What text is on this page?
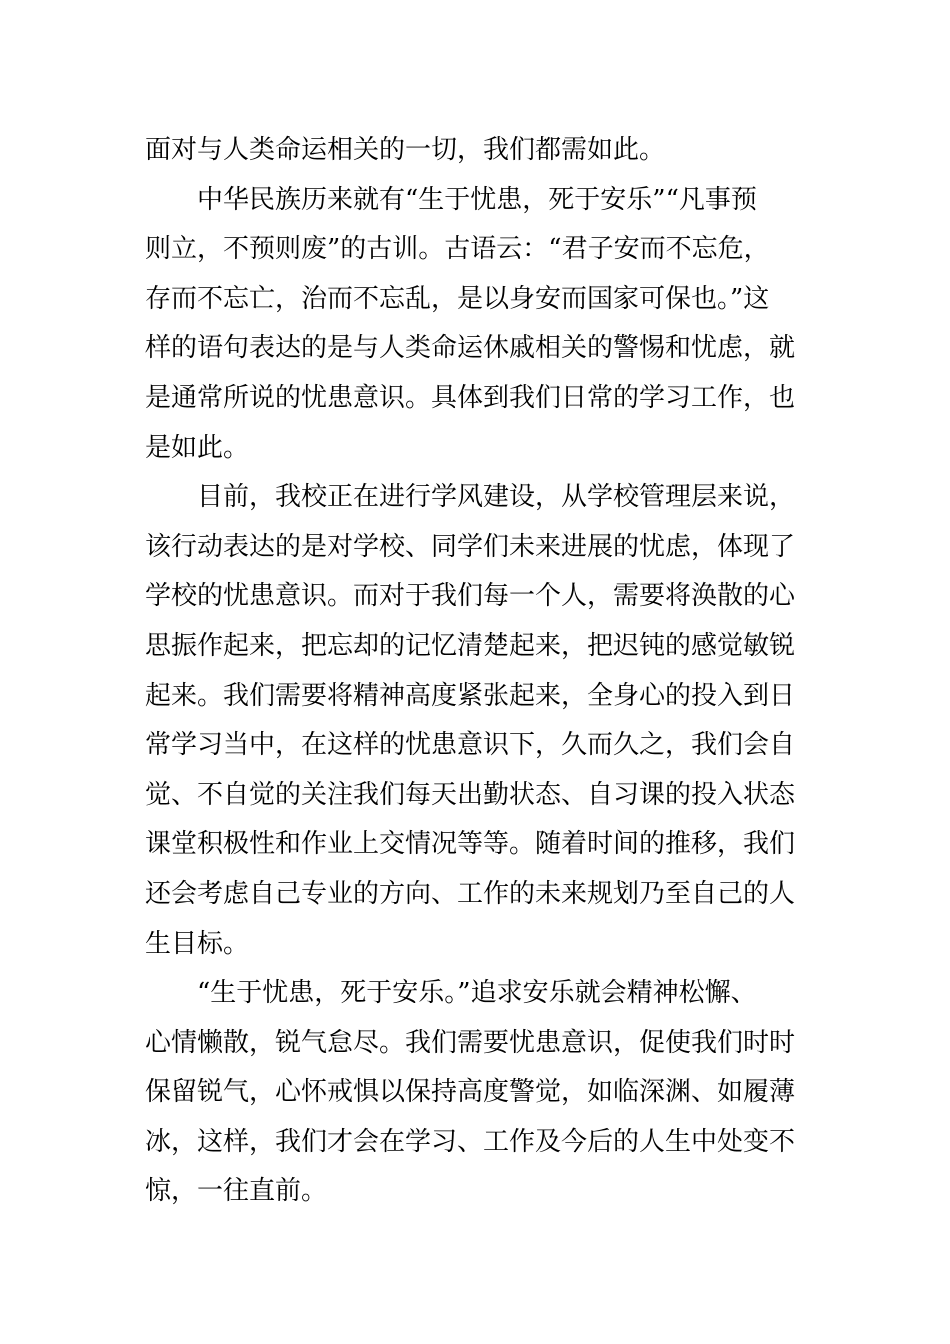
面对与人类命运相关的一切，我们都需如此。
　　中华民族历来就有“生于忧患，死于安乐”“凡事预
则立，不预则废”的古训。古语云：“君子安而不忘危，
存而不忘亡，治而不忘乱，是以身安而国家可保也。”这
样的语句表达的是与人类命运休戚相关的警惕和忧虑，就
是通常所说的忧患意识。具体到我们日常的学习工作，也
是如此。
　　目前，我校正在进行学风建设，从学校管理层来说，
该行动表达的是对学校、同学们未来进展的忧虑，体现了
学校的忧患意识。而对于我们每一个人，需要将涣散的心
思振作起来，把忘却的记忆清楚起来，把迟钝的感觉敏锐
起来。我们需要将精神高度紧张起来，全身心的投入到日
常学习当中，在这样的忧患意识下，久而久之，我们会自
觉、不自觉的关注我们每天出勤状态、自习课的投入状态
课堂积极性和作业上交情况等等。随着时间的推移，我们
还会考虑自己专业的方向、工作的未来规划乃至自己的人
生目标。
　　“生于忧患，死于安乐。”追求安乐就会精神松懈、
心情懒散，锐气怠尽。我们需要忧患意识，促使我们时时
保留锐气，心怀戒惧以保持高度警觉，如临深渊、如履薄
冰，这样，我们才会在学习、工作及今后的人生中处变不
惊，一往直前。
